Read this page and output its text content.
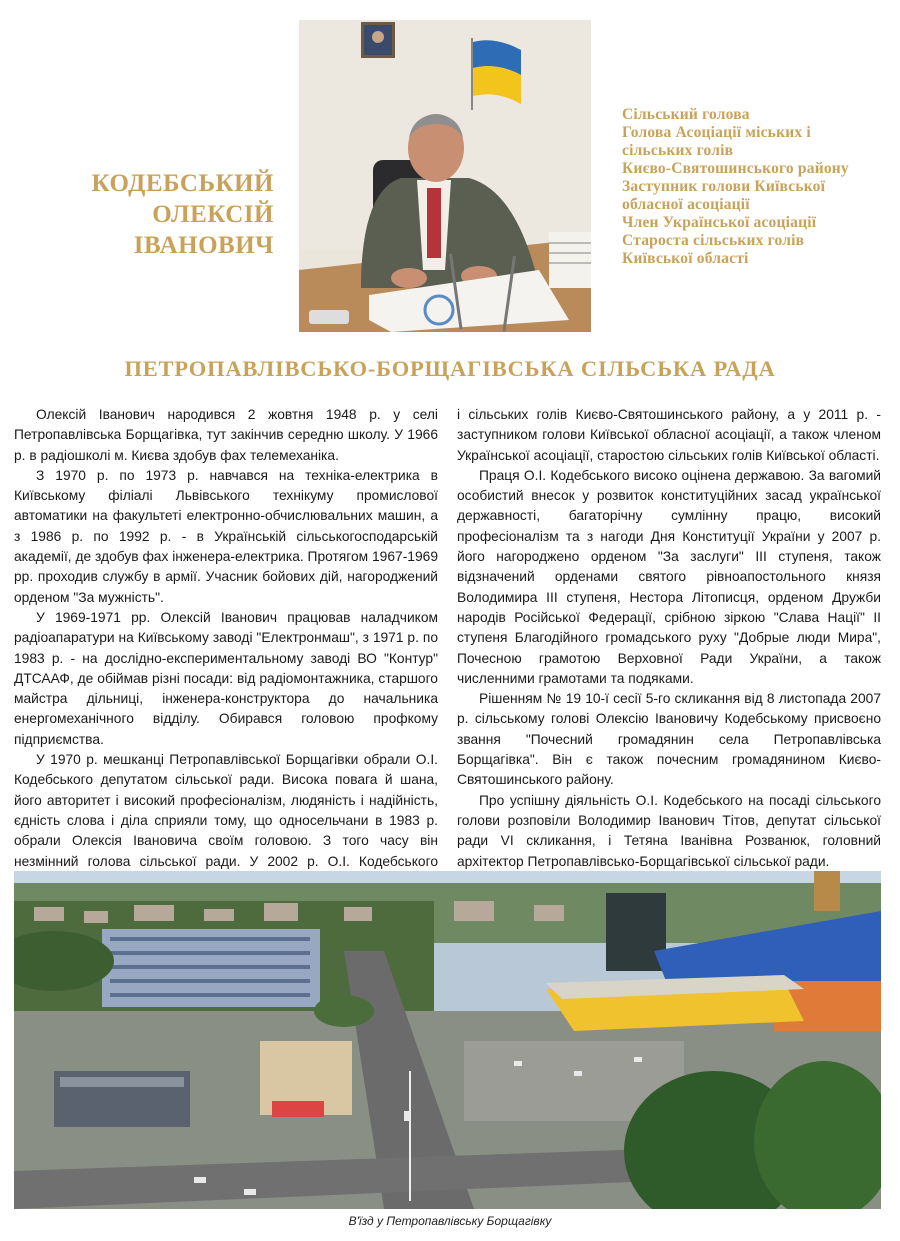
КОДЕБСЬКИЙ
ОЛЕКСІЙ
ІВАНОВИЧ
Сільський голова
Голова Асоціації міських і
сільських голів
Києво-Святошинського району
Заступник голови Київської
обласної асоціації
Член Української асоціації
Староста сільських голів
Київської області
ПЕТРОПАВЛІВСЬКО-БОРЩАГІВСЬКА СІЛЬСЬКА РАДА

Олексій Іванович народився 2 жовтня 1948 р. у селі Петропавлівська Борщагівка, тут закінчив середню школу. У 1966 р. в радіошколі м. Києва здобув фах телемеханіка.

З 1970 р. по 1973 р. навчався на техніка-електрика в Київському філіалі Львівського технікуму промислової автоматики на факультеті електронно-обчислювальних машин, а з 1986 р. по 1992 р. - в Українській сільськогосподарській академії, де здобув фах інженера-електрика. Протягом 1967-1969 рр. проходив службу в армії. Учасник бойових дій, нагороджений орденом "За мужність".

У 1969-1971 рр. Олексій Іванович працював наладчиком радіоапаратури на Київському заводі "Електронмаш", з 1971 р. по 1983 р. - на дослідно-експериментальному заводі ВО "Контур" ДТСААФ, де обіймав різні посади: від радіомонтажника, старшого майстра дільниці, інженера-конструктора до начальника енергомеханічного відділу. Обирався головою профкому підприємства.

У 1970 р. мешканці Петропавлівської Борщагівки обрали О.І. Кодебського депутатом сільської ради. Висока повага й шана, його авторитет і високий професіоналізм, людяність і надійність, єдність слова і діла сприяли тому, що односельчани в 1983 р. обрали Олексія Івановича своїм головою. З того часу він незмінний голова сільської ради. У 2002 р. О.І. Кодебського

і сільських голів Києво-Святошинського району, а у 2011 р. - заступником голови Київської обласної асоціації, а також членом Української асоціації, старостою сільських голів Київської області.

Праця О.І. Кодебського високо оцінена державою. За вагомий особистий внесок у розвиток конституційних засад української державності, багаторічну сумлінну працю, високий професіоналізм та з нагоди Дня Конституції України у 2007 р. його нагороджено орденом "За заслуги" ІІІ ступеня, також відзначений орденами святого рівноапостольного князя Володимира ІІІ ступеня, Нестора Літописця, орденом Дружби народів Російської Федерації, срібною зіркою "Слава Нації" ІІ ступеня Благодійного громадського руху "Добрые люди Мира", Почесною грамотою Верховної Ради України, а також численними грамотами та подяками.

Рішенням № 19 10-ї сесії 5-го скликання від 8 листопада 2007 р. сільському голові Олексію Івановичу Кодебському присвоєно звання "Почесний громадянин села Петропавлівська Борщагівка". Він є також почесним громадянином Києво-Святошинського району.

Про успішну діяльність О.І. Кодебського на посаді сільського голови розповіли Володимир Іванович Тітов, депутат сільської ради VI скликання, і Тетяна Іванівна Розванюк, головний архітектор Петропавлівсько-Борщагівської сільської ради.

В'їзд у Петропавлівську Борщагівку
